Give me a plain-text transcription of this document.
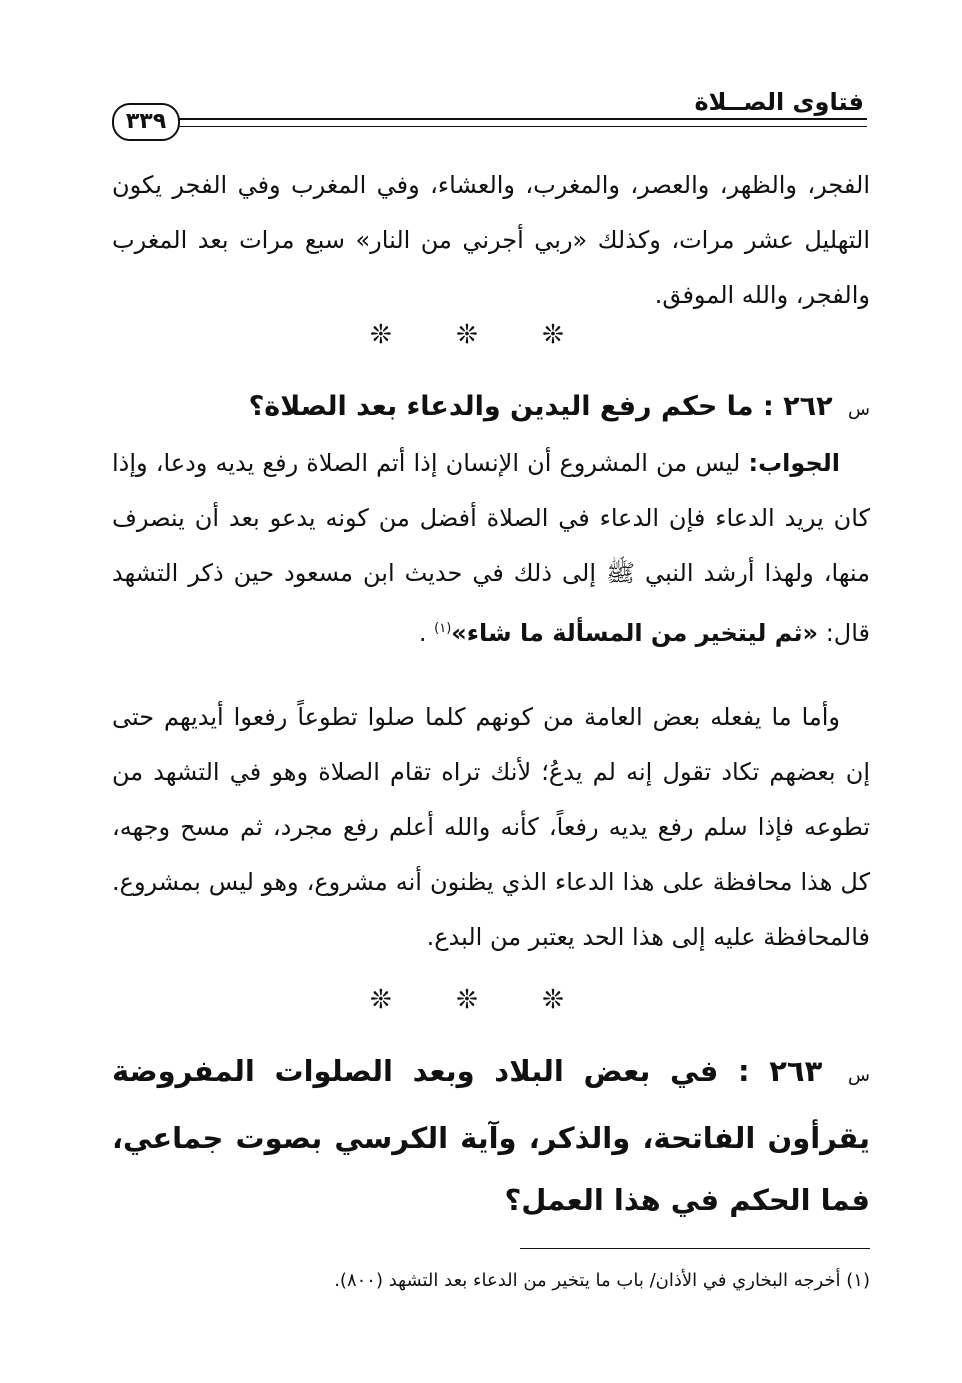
فتاوى الصــلاة
٣٣٩
الفجر، والظهر، والعصر، والمغرب، والعشاء، وفي المغرب وفي الفجر يكون التهليل عشر مرات، وكذلك «ربي أجرني من النار» سبع مرات بعد المغرب والفجر، والله الموفق.
❊ ❊ ❊
س ٢٦٢ : ما حكم رفع اليدين والدعاء بعد الصلاة؟
الجواب: ليس من المشروع أن الإنسان إذا أتم الصلاة رفع يديه ودعا، وإذا كان يريد الدعاء فإن الدعاء في الصلاة أفضل من كونه يدعو بعد أن ينصرف منها، ولهذا أرشد النبي ﷺ إلى ذلك في حديث ابن مسعود حين ذكر التشهد قال: «ثم ليتخير من المسألة ما شاء»$^{(١)}$ .
وأما ما يفعله بعض العامة من كونهم كلما صلوا تطوعاً رفعوا أيديهم حتى إن بعضهم تكاد تقول إنه لم يدعُ؛ لأنك تراه تقام الصلاة وهو في التشهد من تطوعه فإذا سلم رفع يديه رفعاً، كأنه والله أعلم رفع مجرد، ثم مسح وجهه، كل هذا محافظة على هذا الدعاء الذي يظنون أنه مشروع، وهو ليس بمشروع. فالمحافظة عليه إلى هذا الحد يعتبر من البدع.
❊ ❊ ❊
س ٢٦٣ : في بعض البلاد وبعد الصلوات المفروضة يقرأون الفاتحة، والذكر، وآية الكرسي بصوت جماعي، فما الحكم في هذا العمل؟
(١) أخرجه البخاري في الأذان/ باب ما يتخير من الدعاء بعد التشهد (٨٠٠).
